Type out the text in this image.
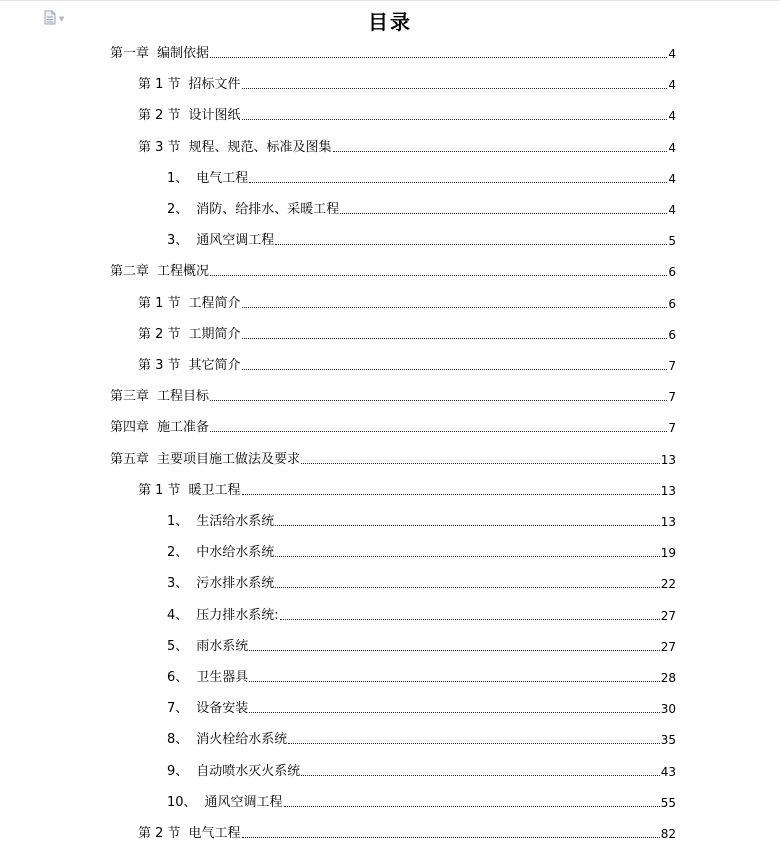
▼	目录
第一章 编制依据	4
第 1 节 招标文件	4
第 2 节 设计图纸	4
第 3 节 规程、规范、标准及图集	4
1、 电气工程	4
2、 消防、给排水、采暖工程	4
3、 通风空调工程	5
第二章 工程概况	6
第 1 节 工程简介	6
第 2 节 工期简介	6
第 3 节 其它简介	7
第三章 工程目标	7
第四章 施工准备	7
第五章 主要项目施工做法及要求	13
第 1 节 暖卫工程	13
1、 生活给水系统	13
2、 中水给水系统	19
3、 污水排水系统	22
4、 压力排水系统:	27
5、 雨水系统	27
6、 卫生器具	28
7、 设备安装	30
8、 消火栓给水系统	35
9、 自动喷水灭火系统	43
10、 通风空调工程	55
第 2 节 电气工程	82
